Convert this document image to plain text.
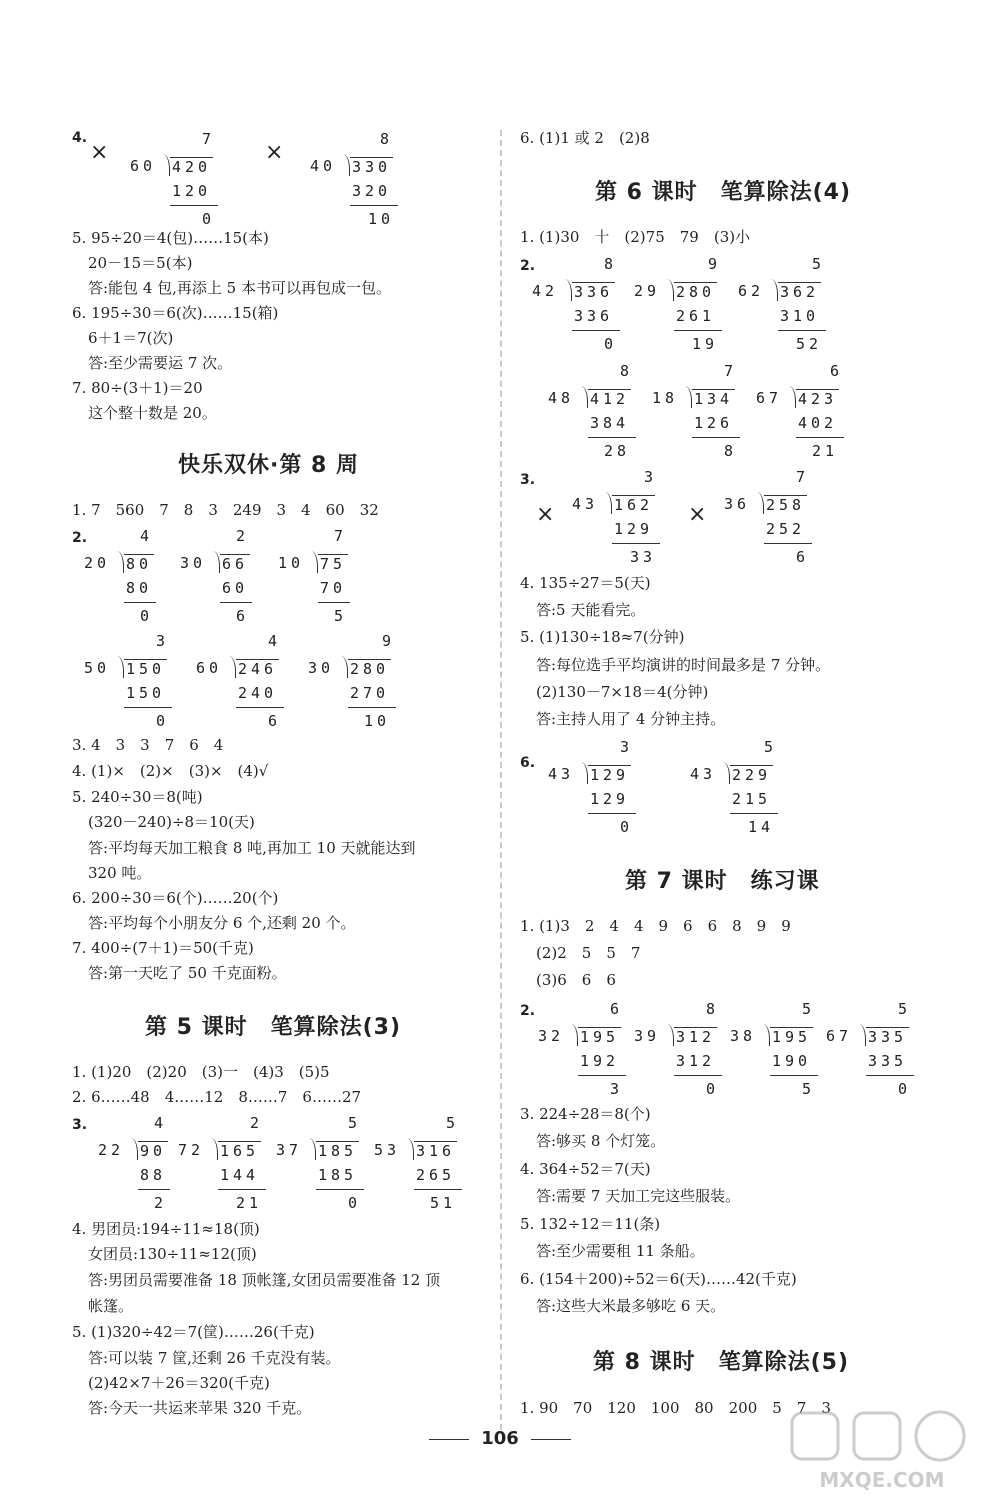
4.
×
7
60 420
120
0
×
8
40 330
320
10
5. 95÷20＝4(包)……15(本)
20－15＝5(本)
答:能包 4 包,再添上 5 本书可以再包成一包。
6. 195÷30＝6(次)……15(箱)
6＋1＝7(次)
答:至少需要运 7 次。
7. 80÷(3＋1)＝20
这个整十数是 20。
快乐双休·第 8 周
1. 7　560　7　8　3　249　3　4　60　32
2.	4
20 80
80
0
2
30 66
60
6
7
10 75
70
5
3
50 150
150
0
4
60 246
240
6
9
30 280
270
10
3. 4　3　3　7　6　4
4. (1)×　(2)×　(3)×　(4)√
5. 240÷30＝8(吨)
(320－240)÷8＝10(天)
答:平均每天加工粮食 8 吨,再加工 10 天就能达到
320 吨。
6. 200÷30＝6(个)……20(个)
答:平均每个小朋友分 6 个,还剩 20 个。
7. 400÷(7＋1)＝50(千克)
答:第一天吃了 50 千克面粉。
第 5 课时　笔算除法(3)
1. (1)20　(2)20　(3)一　(4)3　(5)5
2. 6……48　4……12　8……7　6……27
3.	4
22 90
88
2
2
72 165
144
21
5
37 185
185
0
5
53 316
265
51
4. 男团员:194÷11≈18(顶)
女团员:130÷11≈12(顶)
答:男团员需要准备 18 顶帐篷,女团员需要准备 12 顶
帐篷。
5. (1)320÷42＝7(筐)……26(千克)
答:可以装 7 筐,还剩 26 千克没有装。
(2)42×7＋26＝320(千克)
答:今天一共运来苹果 320 千克。
6. (1)1 或 2　(2)8
第 6 课时　笔算除法(4)
1. (1)30　十　(2)75　79　(3)小
2.	8
42 336
336
0
9
29 280
261
19
5
62 362
310
52
8
48 412
384
28
7
18 134
126
8
6
67 423
402
21
3.
×
3
43 162
129
33
×
7
36 258
252
6
4. 135÷27＝5(天)
答:5 天能看完。
5. (1)130÷18≈7(分钟)
答:每位选手平均演讲的时间最多是 7 分钟。
(2)130－7×18＝4(分钟)
答:主持人用了 4 分钟主持。
6.
3
43 129
129
0
5
43 229
215
14
第 7 课时　练习课
1. (1)3　2　4　4　9　6　6　8　9　9
(2)2　5　5　7
(3)6　6　6
2.	6
32 195
192
3
8
39 312
312
0
5
38 195
190
5
5
67 335
335
0
3. 224÷28＝8(个)
答:够买 8 个灯笼。
4. 364÷52＝7(天)
答:需要 7 天加工完这些服装。
5. 132÷12＝11(条)
答:至少需要租 11 条船。
6. (154＋200)÷52＝6(天)……42(千克)
答:这些大米最多够吃 6 天。
第 8 课时　笔算除法(5)
1. 90　70　120　100　80　200　5　7　3
106
MXQE.COM
